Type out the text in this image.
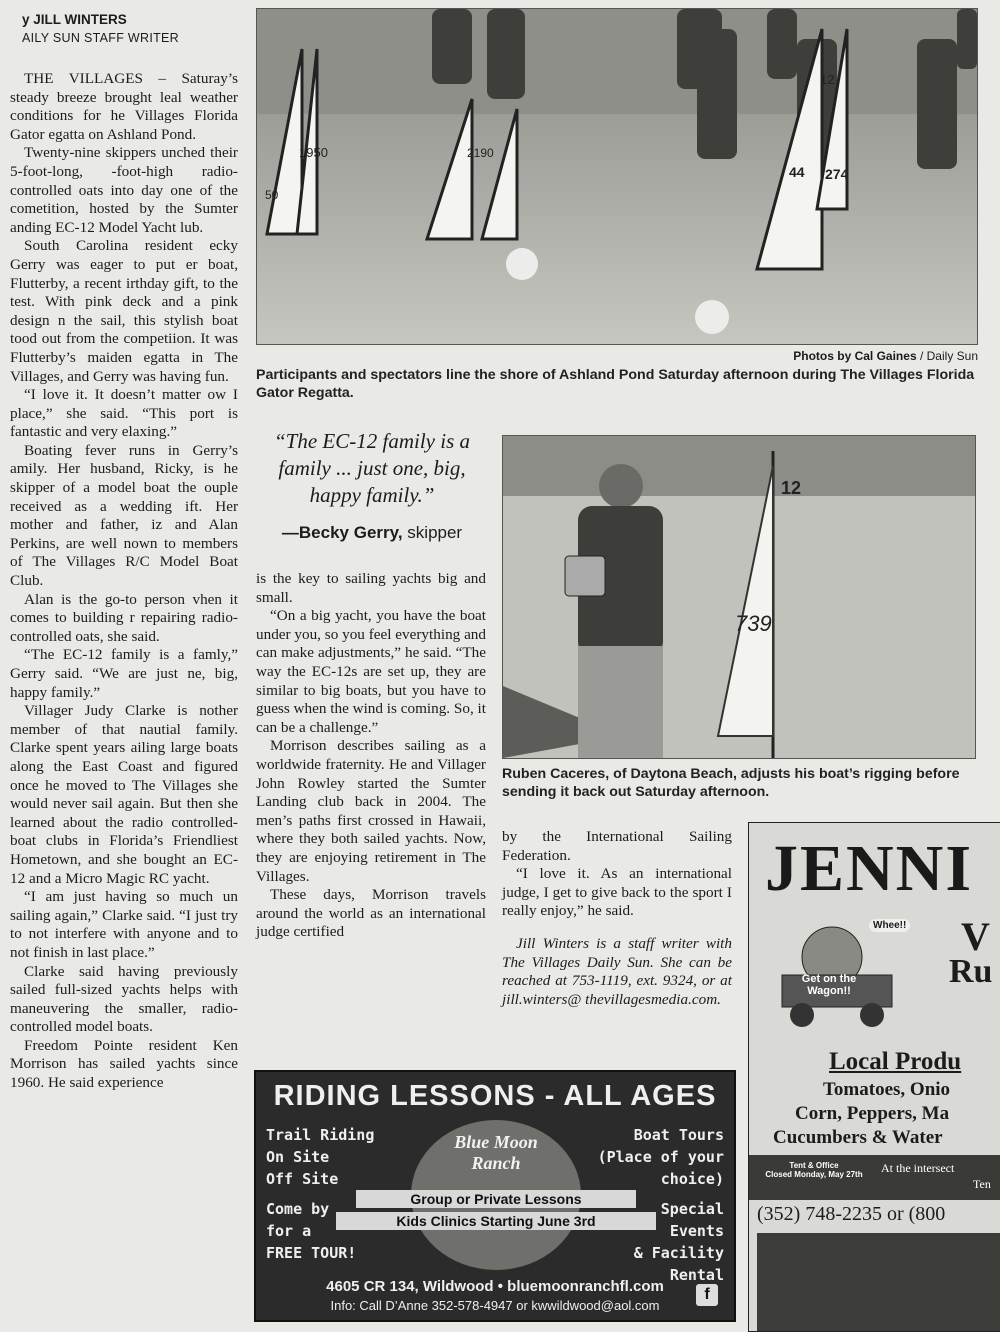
y JILL WINTERS
AILY SUN STAFF WRITER

THE VILLAGES – Saturay’s steady breeze brought leal weather conditions for he Villages Florida Gator egatta on Ashland Pond.

Twenty-nine skippers unched their 5-foot-long, -foot-high radio-controlled oats into day one of the cometition, hosted by the Sumter anding EC-12 Model Yacht lub.

South Carolina resident ecky Gerry was eager to put er boat, Flutterby, a recent irthday gift, to the test. With pink deck and a pink design n the sail, this stylish boat tood out from the competiion. It was Flutterby’s maiden egatta in The Villages, and Gerry was having fun.

“I love it. It doesn’t matter ow I place,” she said. “This port is fantastic and very elaxing.”

Boating fever runs in Gerry’s amily. Her husband, Ricky, is he skipper of a model boat the ouple received as a wedding ift. Her mother and father, iz and Alan Perkins, are well nown to members of The Villages R/C Model Boat Club.

Alan is the go-to person vhen it comes to building r repairing radio-controlled oats, she said.

“The EC-12 family is a famly,” Gerry said. “We are just ne, big, happy family.”

Villager Judy Clarke is nother member of that nautial family. Clarke spent years ailing large boats along the East Coast and figured once he moved to The Villages she would never sail again. But then she learned about the radio controlled-boat clubs in Florida’s Friendliest Hometown, and she bought an EC-12 and a Micro Magic RC yacht.

“I am just having so much un sailing again,” Clarke said. “I just try to not interfere with anyone and to not finish in last place.”

Clarke said having previously sailed full-sized yachts helps with maneuvering the smaller, radio-controlled model boats.

Freedom Pointe resident Ken Morrison has sailed yachts since 1960. He said experience

1950	2190
50
12
44 274
Photos by Cal Gaines / Daily Sun
Participants and spectators line the shore of Ashland Pond Saturday afternoon during The Villages Florida Gator Regatta.
“The EC-12 family is a family ... just one, big, happy family.”
—Becky Gerry, skipper
12
739
Ruben Caceres, of Daytona Beach, adjusts his boat’s rigging before sending it back out Saturday afternoon.

is the key to sailing yachts big and small.

“On a big yacht, you have the boat under you, so you feel everything and can make adjustments,” he said. “The way the EC-12s are set up, they are similar to big boats, but you have to guess when the wind is coming. So, it can be a challenge.”

Morrison describes sailing as a worldwide fraternity. He and Villager John Rowley started the Sumter Landing club back in 2004. The men’s paths first crossed in Hawaii, where they both sailed yachts. Now, they are enjoying retirement in The Villages.

These days, Morrison travels around the world as an international judge certified

by the International Sailing Federation.

“I love it. As an international judge, I get to give back to the sport I really enjoy,” he said.

Jill Winters is a staff writer with The Villages Daily Sun. She can be reached at 753-1119, ext. 9324, or at jill.winters@ thevillagesmedia.com.

RIDING LESSONS - ALL AGES
Trail Riding
On Site
Off Site
Come by
for a
FREE TOUR!
Boat Tours
(Place of your
choice)
Special
Events
& Facility
Rental
Blue Moon
Ranch
Group or Private Lessons
Kids Clinics Starting June 3rd
4605 CR 134, Wildwood • bluemoonranchfl.com
Info: Call D’Anne 352-578-4947 or kwwildwood@aol.com
f
JENNI
V
Ru
Whee!!
Get on the Wagon!!
Local Produ
Tomatoes, Onio
Corn, Peppers, Ma
Cucumbers & Water
Tent & Office
Closed Monday, May 27th	At the intersect
Ten
(352) 748-2235 or (800
